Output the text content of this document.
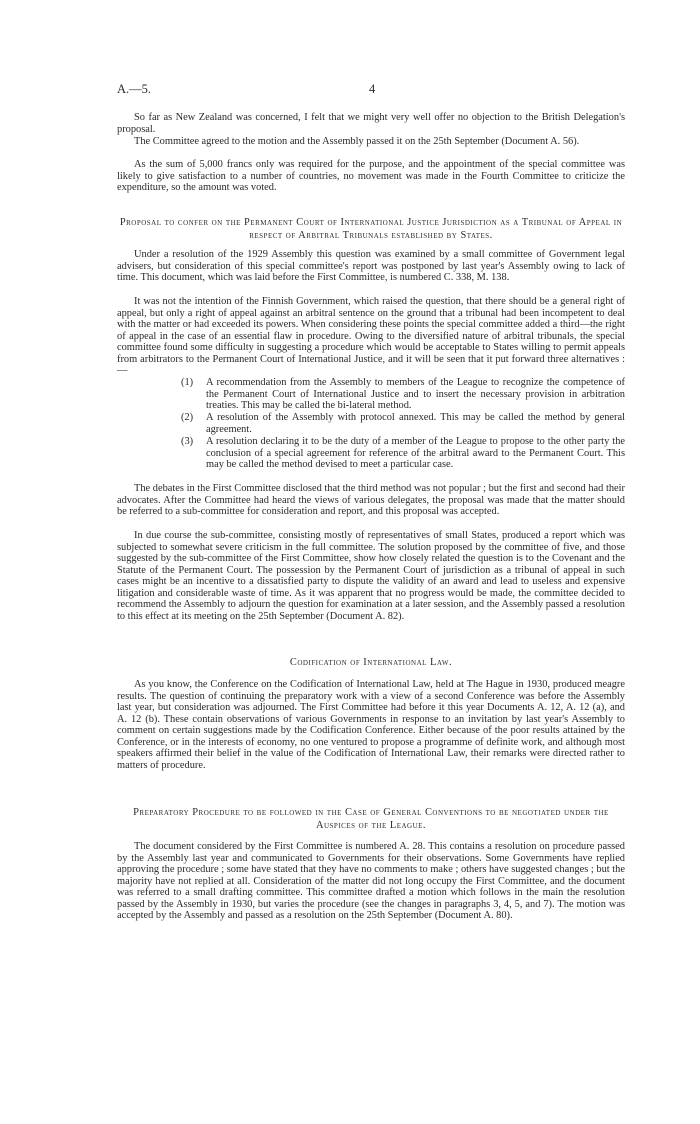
A.—5.	4

So far as New Zealand was concerned, I felt that we might very well offer no objection to the British Delegation's proposal.

The Committee agreed to the motion and the Assembly passed it on the 25th September (Document A. 56).

As the sum of 5,000 francs only was required for the purpose, and the appointment of the special committee was likely to give satisfaction to a number of countries, no movement was made in the Fourth Committee to criticize the expenditure, so the amount was voted.

Proposal to confer on the Permanent Court of International Justice Jurisdiction as a Tribunal of Appeal in respect of Arbitral Tribunals established by States.

Under a resolution of the 1929 Assembly this question was examined by a small committee of Government legal advisers, but consideration of this special committee's report was postponed by last year's Assembly owing to lack of time. This document, which was laid before the First Committee, is numbered C. 338, M. 138.

It was not the intention of the Finnish Government, which raised the question, that there should be a general right of appeal, but only a right of appeal against an arbitral sentence on the ground that a tribunal had been incompetent to deal with the matter or had exceeded its powers. When considering these points the special committee added a third—the right of appeal in the case of an essential flaw in procedure. Owing to the diversified nature of arbitral tribunals, the special committee found some difficulty in suggesting a procedure which would be acceptable to States willing to permit appeals from arbitrators to the Permanent Court of International Justice, and it will be seen that it put forward three alternatives :—

(1) A recommendation from the Assembly to members of the League to recognize the competence of the Permanent Court of International Justice and to insert the necessary provision in arbitration treaties. This may be called the bi-lateral method.
(2) A resolution of the Assembly with protocol annexed. This may be called the method by general agreement.
(3) A resolution declaring it to be the duty of a member of the League to propose to the other party the conclusion of a special agreement for reference of the arbitral award to the Permanent Court. This may be called the method devised to meet a particular case.

The debates in the First Committee disclosed that the third method was not popular ; but the first and second had their advocates. After the Committee had heard the views of various delegates, the proposal was made that the matter should be referred to a sub-committee for consideration and report, and this proposal was accepted.

In due course the sub-committee, consisting mostly of representatives of small States, produced a report which was subjected to somewhat severe criticism in the full committee. The solution proposed by the committee of five, and those suggested by the sub-committee of the First Committee, show how closely related the question is to the Covenant and the Statute of the Permanent Court. The possession by the Permanent Court of jurisdiction as a tribunal of appeal in such cases might be an incentive to a dissatisfied party to dispute the validity of an award and lead to useless and expensive litigation and considerable waste of time. As it was apparent that no progress would be made, the committee decided to recommend the Assembly to adjourn the question for examination at a later session, and the Assembly passed a resolution to this effect at its meeting on the 25th September (Document A. 82).

Codification of International Law.

As you know, the Conference on the Codification of International Law, held at The Hague in 1930, produced meagre results. The question of continuing the preparatory work with a view of a second Conference was before the Assembly last year, but consideration was adjourned. The First Committee had before it this year Documents A. 12, A. 12 (a), and A. 12 (b). These contain observations of various Governments in response to an invitation by last year's Assembly to comment on certain suggestions made by the Codification Conference. Either because of the poor results attained by the Conference, or in the interests of economy, no one ventured to propose a programme of definite work, and although most speakers affirmed their belief in the value of the Codification of International Law, their remarks were directed rather to matters of procedure.

Preparatory Procedure to be followed in the Case of General Conventions to be negotiated under the Auspices of the League.

The document considered by the First Committee is numbered A. 28. This contains a resolution on procedure passed by the Assembly last year and communicated to Governments for their observations. Some Governments have replied approving the procedure ; some have stated that they have no comments to make ; others have suggested changes ; but the majority have not replied at all. Consideration of the matter did not long occupy the First Committee, and the document was referred to a small drafting committee. This committee drafted a motion which follows in the main the resolution passed by the Assembly in 1930, but varies the procedure (see the changes in paragraphs 3, 4, 5, and 7). The motion was accepted by the Assembly and passed as a resolution on the 25th September (Document A. 80).
